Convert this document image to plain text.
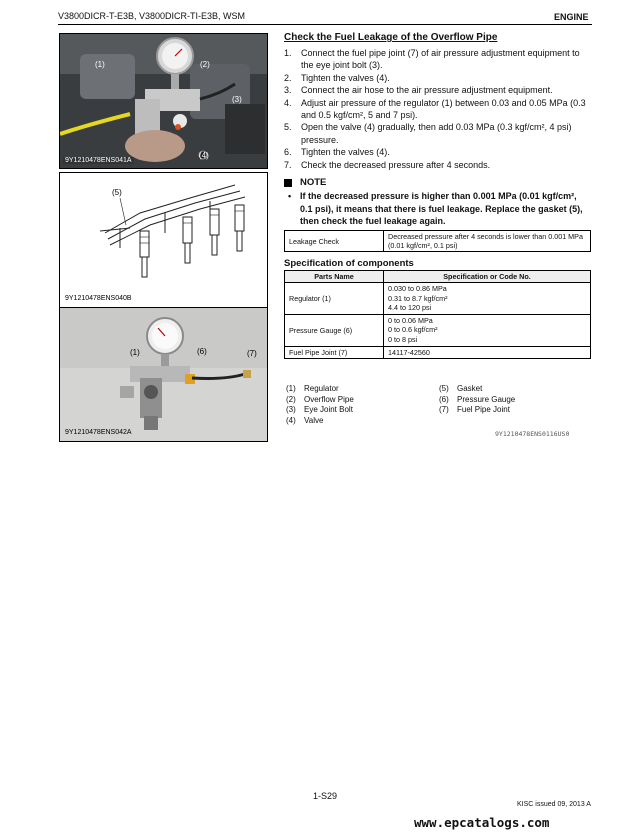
V3800DICR-T-E3B, V3800DICR-TI-E3B, WSM	ENGINE
(1)	(2)
(3)
(4)
9Y1210478ENS041A
(5)
9Y1210478ENS040B
(1)	(6)	(7)
9Y1210478ENS042A
Check the Fuel Leakage of the Overflow Pipe
1.	Connect the fuel pipe joint (7) of air pressure adjustment equipment to the eye joint bolt (3).
2.	Tighten the valves (4).
3.	Connect the air hose to the air pressure adjustment equipment.
4.	Adjust air pressure of the regulator (1) between 0.03 and 0.05 MPa (0.3 and 0.5 kgf/cm², 5 and 7 psi).
5.	Open the valve (4) gradually, then add 0.03 MPa (0.3 kgf/cm², 4 psi) pressure.
6.	Tighten the valves (4).
7.	Check the decreased pressure after 4 seconds.
NOTE
• If the decreased pressure is higher than 0.001 MPa (0.01 kgf/cm², 0.1 psi), it means that there is fuel leakage. Replace the gasket (5), then check the fuel leakage again.
Leakage Check	Decreased pressure after 4 seconds is lower than 0.001 MPa (0.01 kgf/cm², 0.1 psi)
Specification of components
Parts Name	Specification or Code No.
Regulator (1)	0.030 to 0.86 MPa
0.31 to 8.7 kgf/cm²
4.4 to 120 psi

Pressure Gauge (6)	0 to 0.06 MPa
0 to 0.6 kgf/cm²
0 to 8 psi

Fuel Pipe Joint (7)	14117-42560
(1)	Regulator
(2)	Overflow Pipe
(3)	Eye Joint Bolt
(4)	Valve
(5)	Gasket
(6)	Pressure Gauge
(7)	Fuel Pipe Joint
9Y1210478ENS0116US0
1-S29
KISC issued 09, 2013 A
www.epcatalogs.com
